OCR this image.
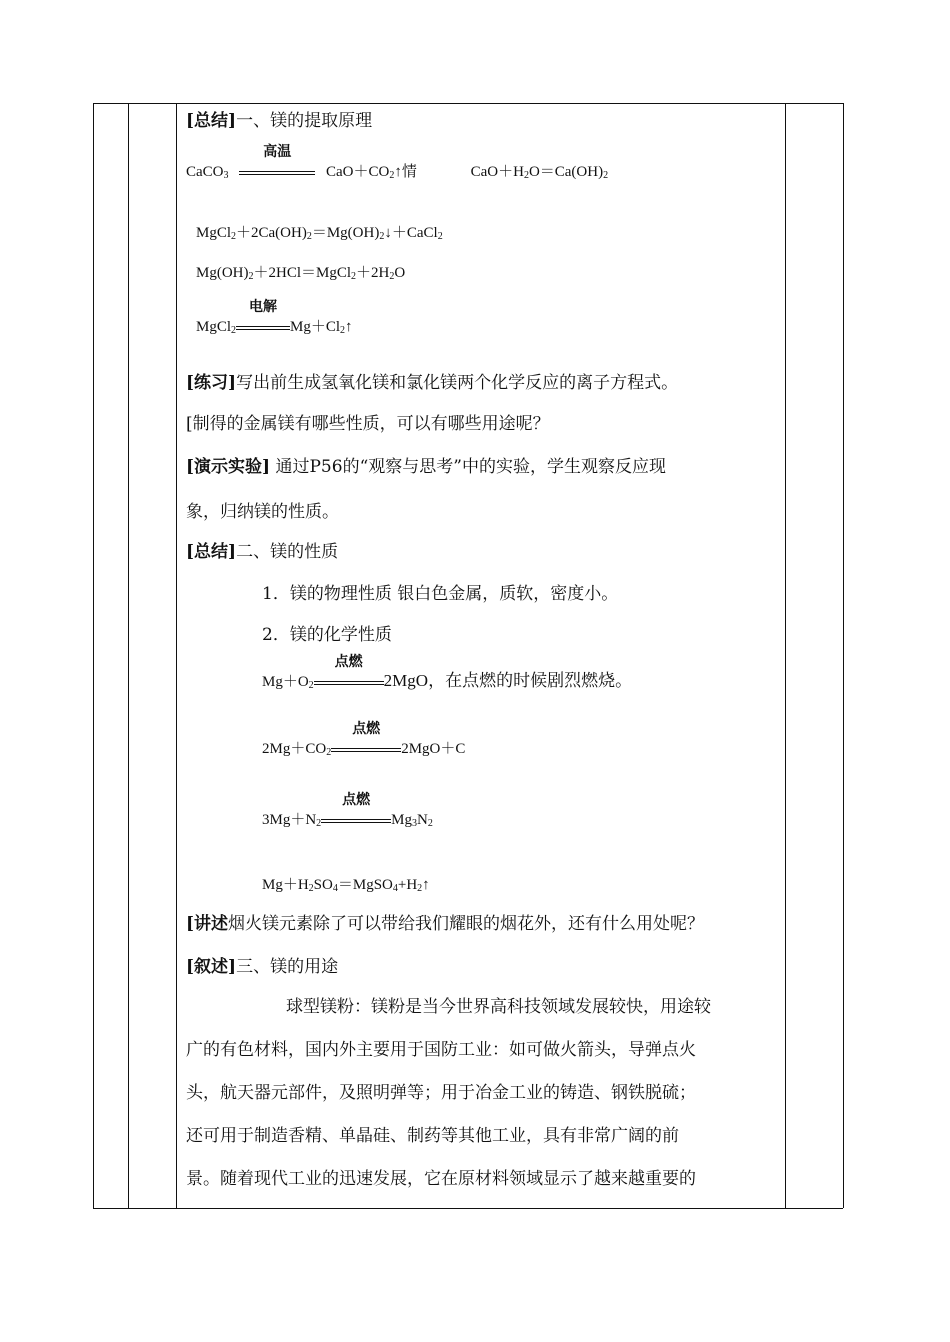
[总结]一、镁的提取原理
CaCO$_3$
高温
$CaO+CO_2↑$情	$CaO+H_2O=Ca(OH)_2$
$MgCl_2+2Ca(OH)_2=Mg(OH)_2↓+CaCl_2$
$Mg(OH)_2+2HCl=MgCl_2+2H_2O$
MgCl$_2$
电解
$Mg+Cl_2↑$
[练习]写出前生成氢氧化镁和氯化镁两个化学反应的离子方程式。
[制得的金属镁有哪些性质，可以有哪些用途呢？
[演示实验] 通过P56的“观察与思考”中的实验，学生观察反应现
象，归纳镁的性质。
[总结]二、镁的性质
1．镁的物理性质 银白色金属，质软，密度小。
2．镁的化学性质
$Mg+O_2$
点燃
2MgO，在点燃的时候剧烈燃烧。
$2Mg+CO_2$
点燃
2MgO＋C
$3Mg+N_2$
点燃
$Mg_3N_2$
$Mg+H_2SO_4=MgSO_4+H_2↑$
[讲述烟火镁元素除了可以带给我们耀眼的烟花外，还有什么用处呢？
[叙述]三、镁的用途
球型镁粉：镁粉是当今世界高科技领域发展较快，用途较
广的有色材料，国内外主要用于国防工业：如可做火箭头，导弹点火
头，航天器元部件，及照明弹等；用于冶金工业的铸造、钢铁脱硫；
还可用于制造香精、单晶硅、制药等其他工业，具有非常广阔的前
景。随着现代工业的迅速发展，它在原材料领域显示了越来越重要的
